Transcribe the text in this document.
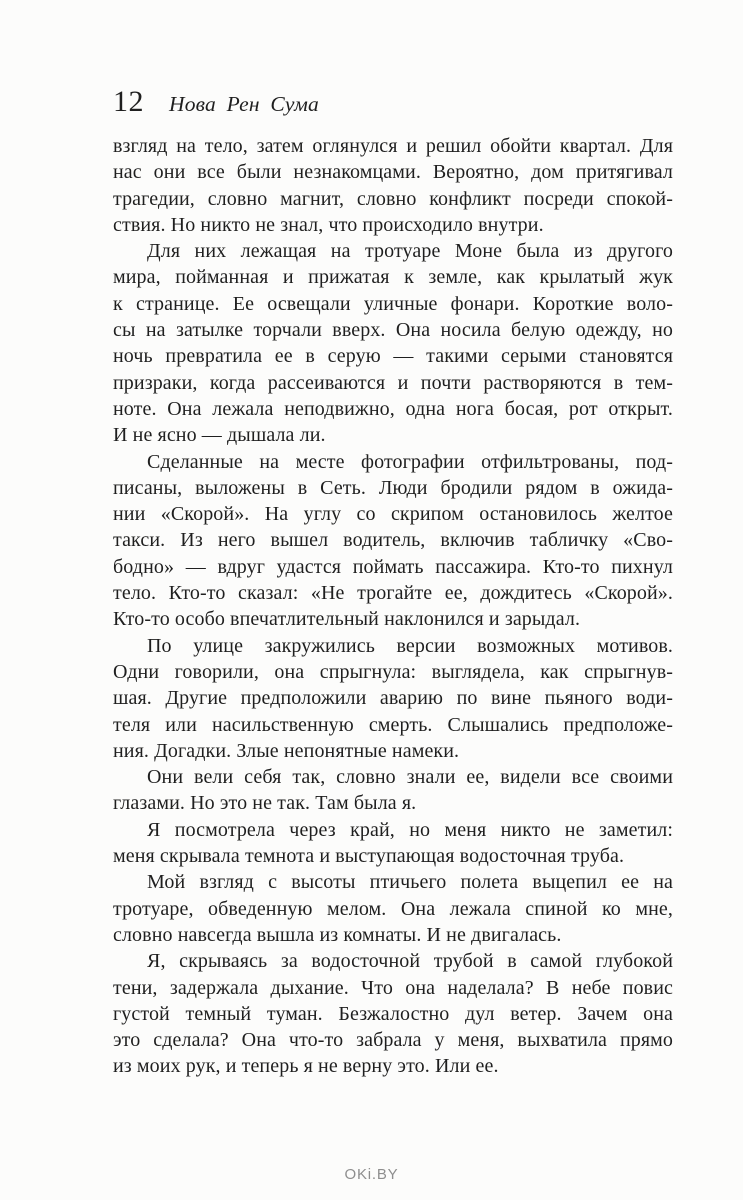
12 Нова Рен Сума
взгляд на тело, затем оглянулся и решил обойти квартал. Для
нас они все были незнакомцами. Вероятно, дом притягивал
трагедии, словно магнит, словно конфликт посреди спокой-
ствия. Но никто не знал, что происходило внутри.
Для них лежащая на тротуаре Моне была из другого
мира, пойманная и прижатая к земле, как крылатый жук
к странице. Ее освещали уличные фонари. Короткие воло-
сы на затылке торчали вверх. Она носила белую одежду, но
ночь превратила ее в серую — такими серыми становятся
призраки, когда рассеиваются и почти растворяются в тем-
ноте. Она лежала неподвижно, одна нога босая, рот открыт.
И не ясно — дышала ли.
Сделанные на месте фотографии отфильтрованы, под-
писаны, выложены в Сеть. Люди бродили рядом в ожида-
нии «Скорой». На углу со скрипом остановилось желтое
такси. Из него вышел водитель, включив табличку «Сво-
бодно» — вдруг удастся поймать пассажира. Кто-то пихнул
тело. Кто-то сказал: «Не трогайте ее, дождитесь «Скорой».
Кто-то особо впечатлительный наклонился и зарыдал.
По улице закружились версии возможных мотивов.
Одни говорили, она спрыгнула: выглядела, как спрыгнув-
шая. Другие предположили аварию по вине пьяного води-
теля или насильственную смерть. Слышались предположе-
ния. Догадки. Злые непонятные намеки.
Они вели себя так, словно знали ее, видели все своими
глазами. Но это не так. Там была я.
Я посмотрела через край, но меня никто не заметил:
меня скрывала темнота и выступающая водосточная труба.
Мой взгляд с высоты птичьего полета выцепил ее на
тротуаре, обведенную мелом. Она лежала спиной ко мне,
словно навсегда вышла из комнаты. И не двигалась.
Я, скрываясь за водосточной трубой в самой глубокой
тени, задержала дыхание. Что она наделала? В небе повис
густой темный туман. Безжалостно дул ветер. Зачем она
это сделала? Она что-то забрала у меня, выхватила прямо
из моих рук, и теперь я не верну это. Или ее.
OKi.BY
